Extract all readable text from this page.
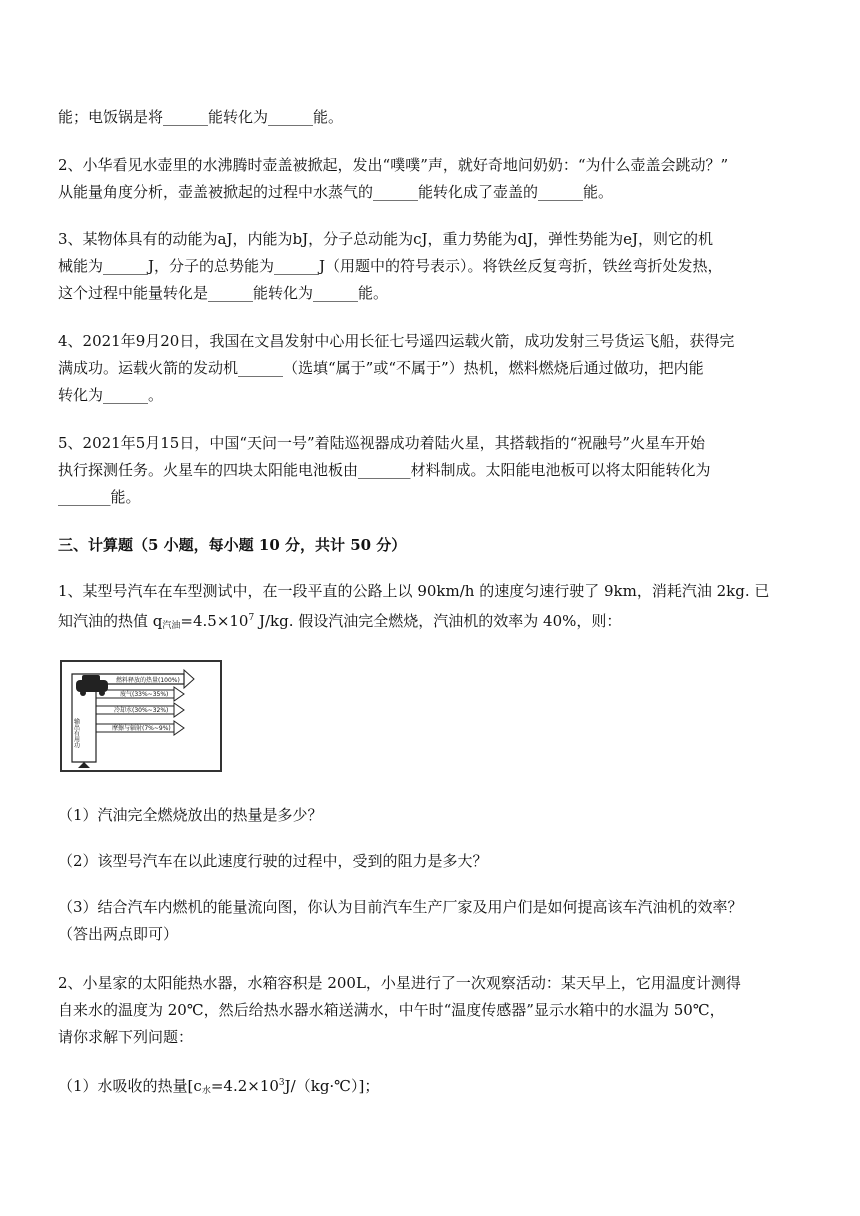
能；电饭锅是将______能转化为______能。
2、小华看见水壶里的水沸腾时壶盖被掀起，发出“噗噗”声，就好奇地问奶奶：“为什么壶盖会跳动？”
从能量角度分析，壶盖被掀起的过程中水蒸气的______能转化成了壶盖的______能。
3、某物体具有的动能为aJ，内能为bJ，分子总动能为cJ，重力势能为dJ，弹性势能为eJ，则它的机
械能为______J，分子的总势能为______J（用题中的符号表示）。将铁丝反复弯折，铁丝弯折处发热，
这个过程中能量转化是______能转化为______能。
4、2021年9月20日，我国在文昌发射中心用长征七号遥四运载火箭，成功发射三号货运飞船，获得完
满成功。运载火箭的发动机______（选填“属于”或“不属于”）热机，燃料燃烧后通过做功，把内能
转化为______。
5、2021年5月15日，中国“天问一号”着陆巡视器成功着陆火星，其搭载指的“祝融号”火星车开始
执行探测任务。火星车的四块太阳能电池板由_______材料制成。太阳能电池板可以将太阳能转化为
_______能。
三、计算题（5 小题，每小题 10 分，共计 50 分）
1、某型号汽车在车型测试中，在一段平直的公路上以 90km/h 的速度匀速行驶了 9km，消耗汽油 2kg. 已
知汽油的热值 $q_{汽油}=4.5\times 10^7$ J/kg. 假设汽油完全燃烧，汽油机的效率为 40%，则：
燃料释放的热量(100%)
废气(33%~35%)
冷却水(30%~32%)
摩擦与辐射(7%~9%)
输出有用功
（1）汽油完全燃烧放出的热量是多少？
（2）该型号汽车在以此速度行驶的过程中，受到的阻力是多大？
（3）结合汽车内燃机的能量流向图，你认为目前汽车生产厂家及用户们是如何提高该车汽油机的效率？
（答出两点即可）
2、小星家的太阳能热水器，水箱容积是 200L，小星进行了一次观察活动：某天早上，它用温度计测得
自来水的温度为 20℃，然后给热水器水箱送满水，中午时“温度传感器”显示水箱中的水温为 50℃，
请你求解下列问题：
（1）水吸收的热量$[c_水=4.2\times 10^3J/(kg\cdot℃)]$；
